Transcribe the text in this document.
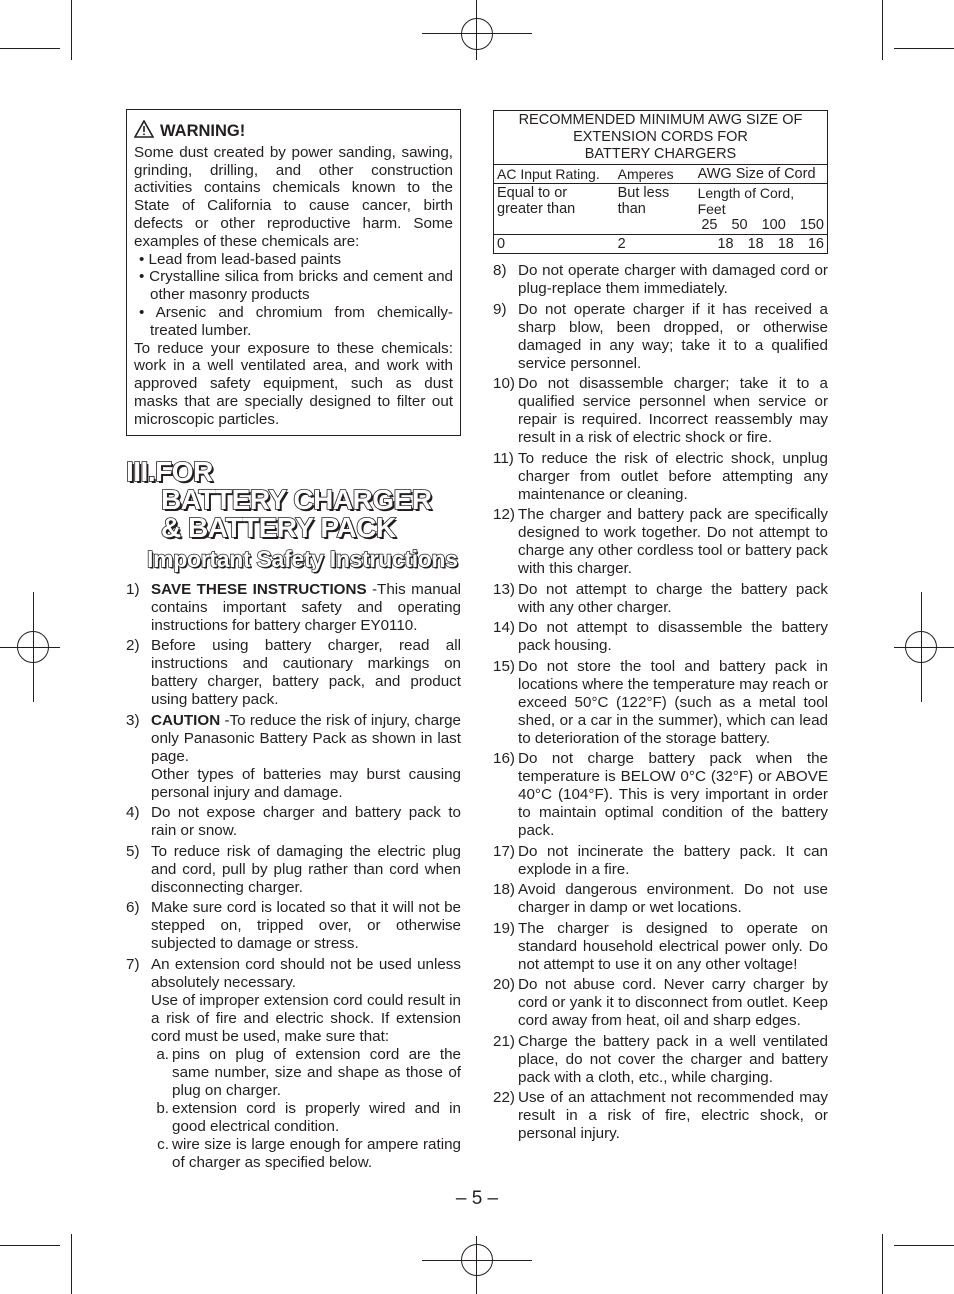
WARNING!
Some dust created by power sanding, sawing, grinding, drilling, and other construction activities contains chemicals known to the State of California to cause cancer, birth defects or other reproductive harm. Some examples of these chemicals are:
• Lead from lead-based paints
• Crystalline silica from bricks and cement and other masonry products
• Arsenic and chromium from chemically-treated lumber.
To reduce your exposure to these chemicals: work in a well ventilated area, and work with approved safety equipment, such as dust masks that are specially designed to filter out microscopic particles.
III.FOR
BATTERY CHARGER
& BATTERY PACK
Important Safety Instructions
1) SAVE THESE INSTRUCTIONS -This manual contains important safety and operating instructions for battery charger EY0110.
2) Before using battery charger, read all instructions and cautionary markings on battery charger, battery pack, and product using battery pack.
3) CAUTION -To reduce the risk of injury, charge only Panasonic Battery Pack as shown in last page.
Other types of batteries may burst causing personal injury and damage.
4) Do not expose charger and battery pack to rain or snow.
5) To reduce risk of damaging the electric plug and cord, pull by plug rather than cord when disconnecting charger.
6) Make sure cord is located so that it will not be stepped on, tripped over, or otherwise subjected to damage or stress.
7) An extension cord should not be used unless absolutely necessary.
Use of improper extension cord could result in a risk of fire and electric shock. If extension cord must be used, make sure that:
a. pins on plug of extension cord are the same number, size and shape as those of plug on charger.
b. extension cord is properly wired and in good electrical condition.
c. wire size is large enough for ampere rating of charger as specified below.
RECOMMENDED MINIMUM AWG SIZE OF
EXTENSION CORDS FOR
BATTERY CHARGERS		

AC Input Rating.	Amperes	AWG Size of Cord
Equal to or greater than	But less than	Length of Cord, Feet
25 50 100 150

0	2	18 18 18 16
8) Do not operate charger with damaged cord or plug-replace them immediately.
9) Do not operate charger if it has received a sharp blow, been dropped, or otherwise damaged in any way; take it to a qualified service personnel.
10) Do not disassemble charger; take it to a qualified service personnel when service or repair is required. Incorrect reassembly may result in a risk of electric shock or fire.
11) To reduce the risk of electric shock, unplug charger from outlet before attempting any maintenance or cleaning.
12) The charger and battery pack are specifically designed to work together. Do not attempt to charge any other cordless tool or battery pack with this charger.
13) Do not attempt to charge the battery pack with any other charger.
14) Do not attempt to disassemble the battery pack housing.
15) Do not store the tool and battery pack in locations where the temperature may reach or exceed 50°C (122°F) (such as a metal tool shed, or a car in the summer), which can lead to deterioration of the storage battery.
16) Do not charge battery pack when the temperature is BELOW 0°C (32°F) or ABOVE 40°C (104°F). This is very important in order to maintain optimal condition of the battery pack.
17) Do not incinerate the battery pack. It can explode in a fire.
18) Avoid dangerous environment. Do not use charger in damp or wet locations.
19) The charger is designed to operate on standard household electrical power only. Do not attempt to use it on any other voltage!
20) Do not abuse cord. Never carry charger by cord or yank it to disconnect from outlet. Keep cord away from heat, oil and sharp edges.
21) Charge the battery pack in a well ventilated place, do not cover the charger and battery pack with a cloth, etc., while charging.
22) Use of an attachment not recommended may result in a risk of fire, electric shock, or personal injury.
– 5 –
